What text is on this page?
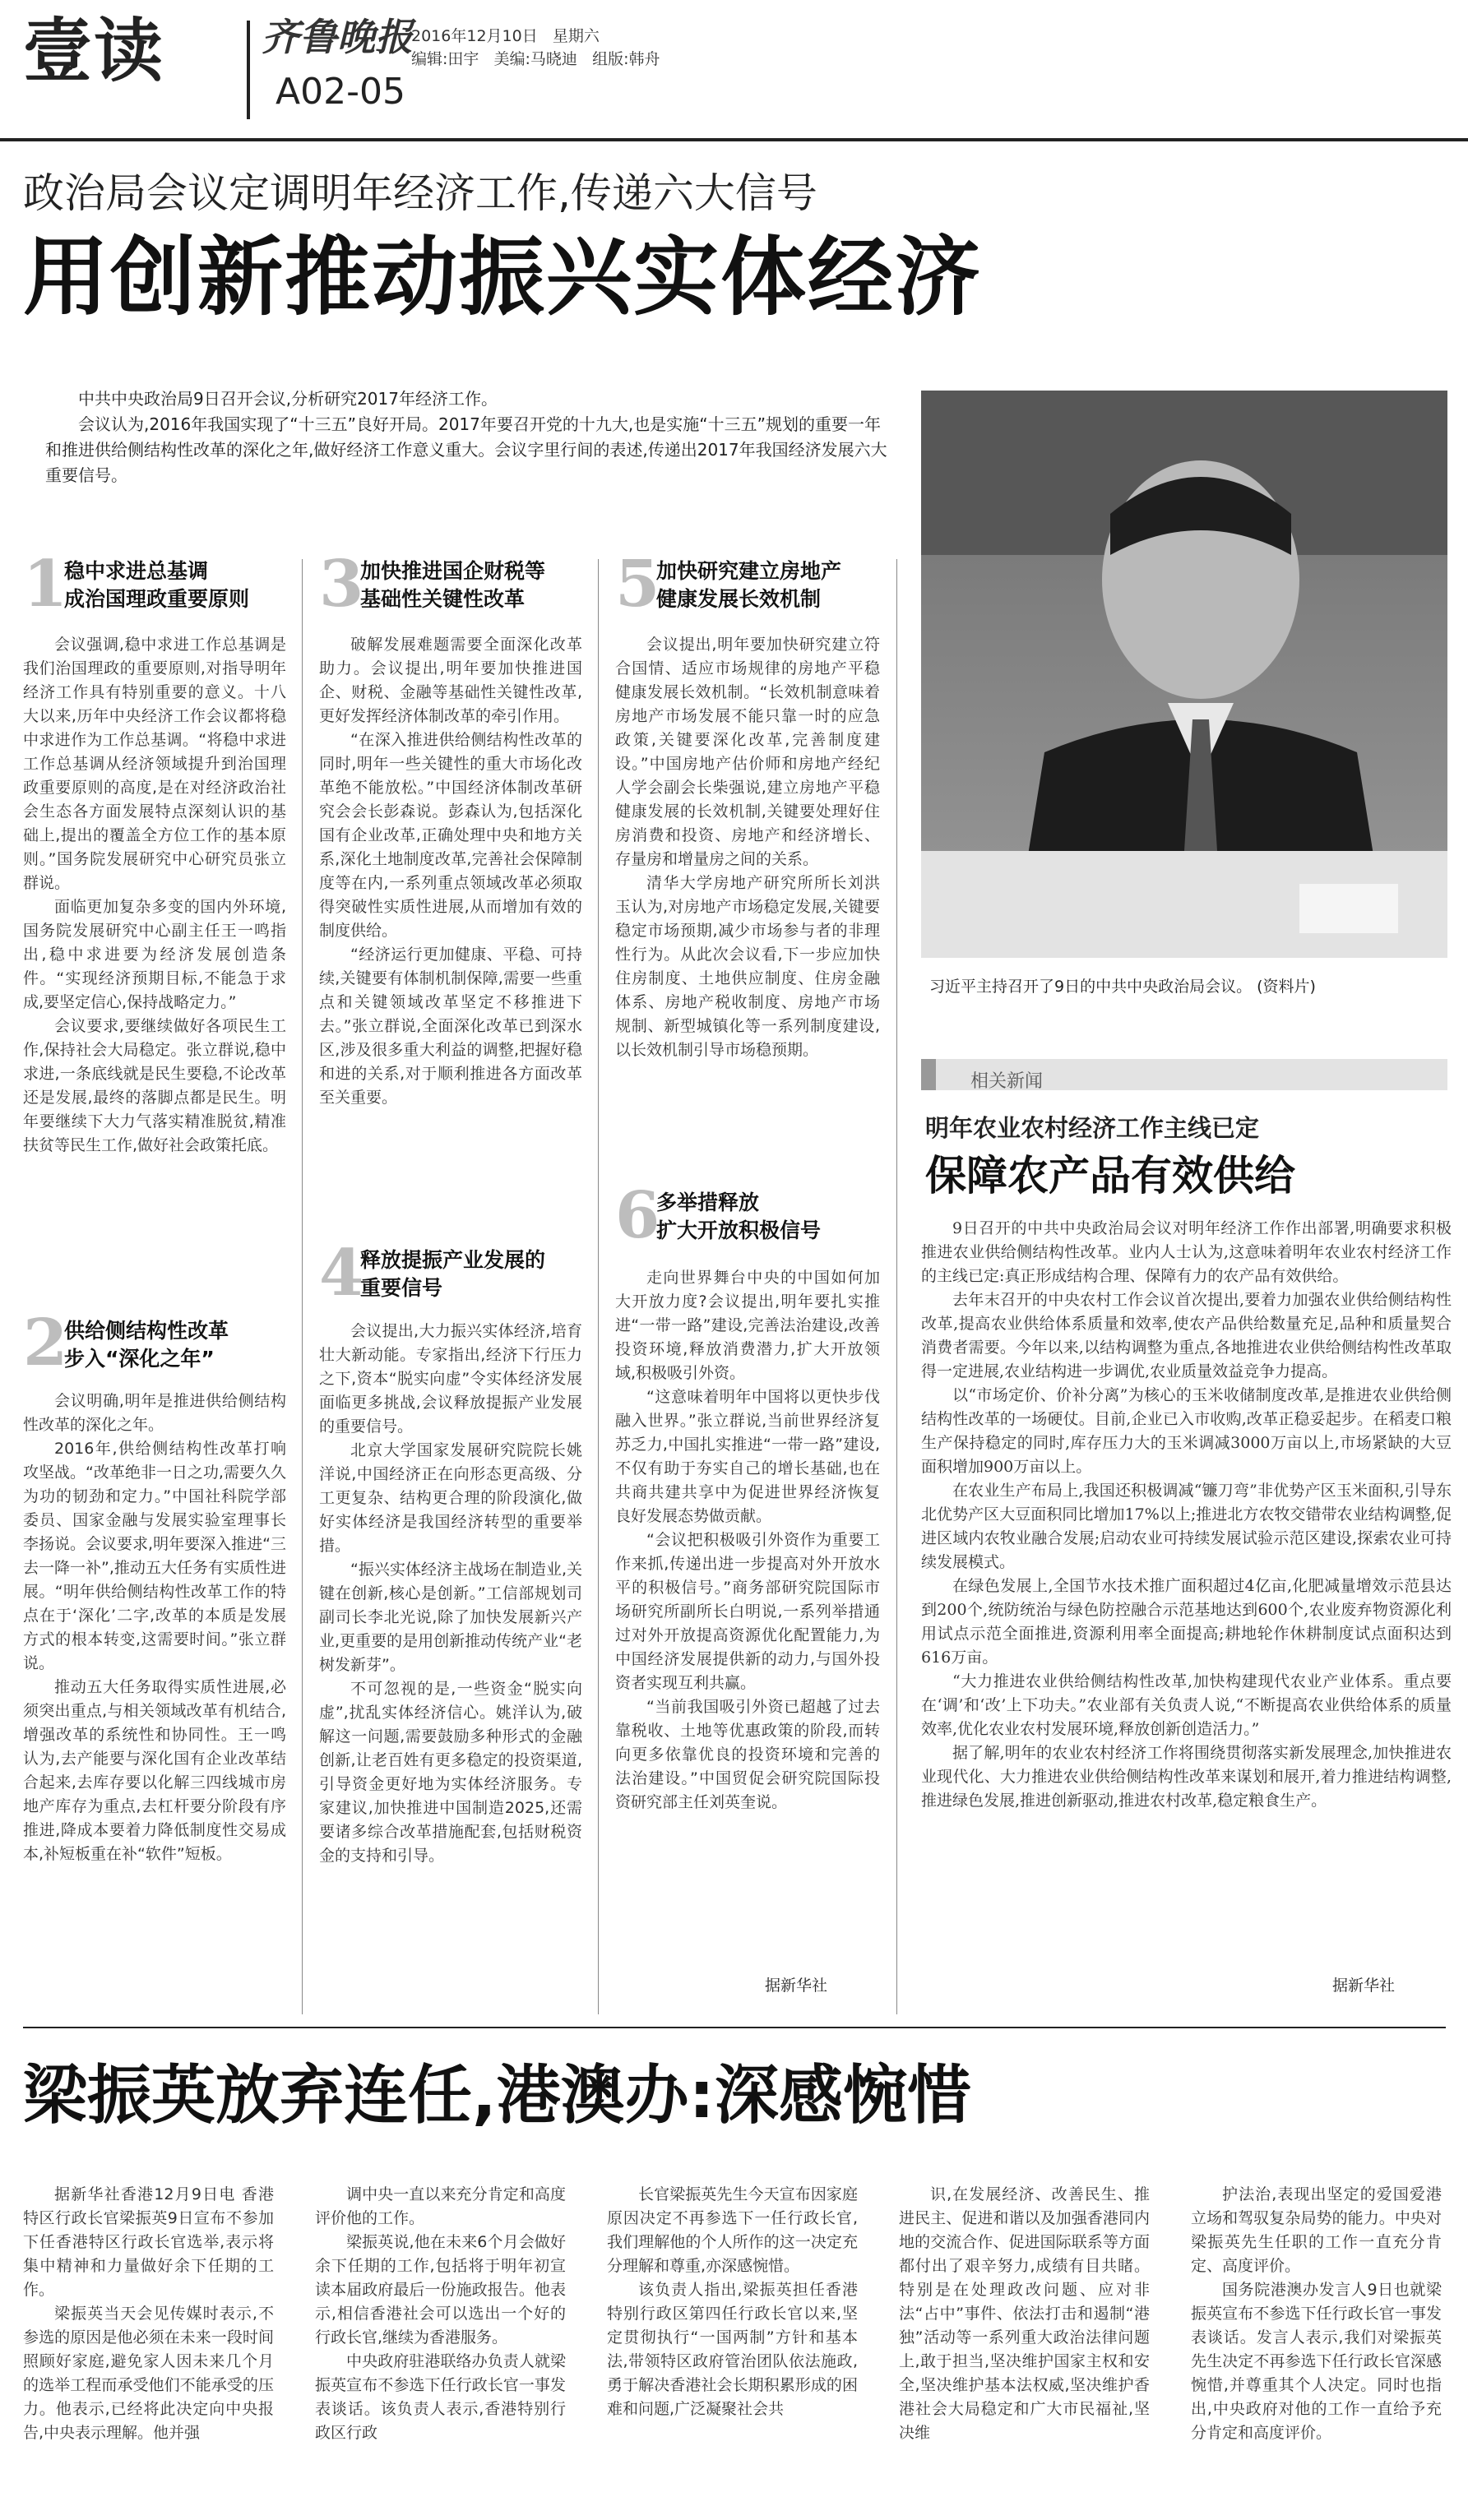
壹读	齐鲁晚报
A02-05
2016年12月10日 星期六
编辑:田宇 美编:马晓迪 组版:韩舟
政治局会议定调明年经济工作,传递六大信号
用创新推动振兴实体经济

中共中央政治局9日召开会议,分析研究2017年经济工作。

会议认为,2016年我国实现了“十三五”良好开局。2017年要召开党的十九大,也是实施“十三五”规划的重要一年和推进供给侧结构性改革的深化之年,做好经济工作意义重大。会议字里行间的表述,传递出2017年我国经济发展六大重要信号。

习近平主持召开了9日的中共中央政治局会议。 (资料片)
1
稳中求进总基调
成治国理政重要原则

会议强调,稳中求进工作总基调是我们治国理政的重要原则,对指导明年经济工作具有特别重要的意义。十八大以来,历年中央经济工作会议都将稳中求进作为工作总基调。“将稳中求进工作总基调从经济领域提升到治国理政重要原则的高度,是在对经济政治社会生态各方面发展特点深刻认识的基础上,提出的覆盖全方位工作的基本原则。”国务院发展研究中心研究员张立群说。

面临更加复杂多变的国内外环境,国务院发展研究中心副主任王一鸣指出,稳中求进要为经济发展创造条件。“实现经济预期目标,不能急于求成,要坚定信心,保持战略定力。”

会议要求,要继续做好各项民生工作,保持社会大局稳定。张立群说,稳中求进,一条底线就是民生要稳,不论改革还是发展,最终的落脚点都是民生。明年要继续下大力气落实精准脱贫,精准扶贫等民生工作,做好社会政策托底。

2
供给侧结构性改革
步入“深化之年”

会议明确,明年是推进供给侧结构性改革的深化之年。

2016年,供给侧结构性改革打响攻坚战。“改革绝非一日之功,需要久久为功的韧劲和定力。”中国社科院学部委员、国家金融与发展实验室理事长李扬说。会议要求,明年要深入推进“三去一降一补”,推动五大任务有实质性进展。“明年供给侧结构性改革工作的特点在于‘深化’二字,改革的本质是发展方式的根本转变,这需要时间。”张立群说。

推动五大任务取得实质性进展,必须突出重点,与相关领域改革有机结合,增强改革的系统性和协同性。王一鸣认为,去产能要与深化国有企业改革结合起来,去库存要以化解三四线城市房地产库存为重点,去杠杆要分阶段有序推进,降成本要着力降低制度性交易成本,补短板重在补“软件”短板。

3
加快推进国企财税等
基础性关键性改革

破解发展难题需要全面深化改革助力。会议提出,明年要加快推进国企、财税、金融等基础性关键性改革,更好发挥经济体制改革的牵引作用。

“在深入推进供给侧结构性改革的同时,明年一些关键性的重大市场化改革绝不能放松。”中国经济体制改革研究会会长彭森说。彭森认为,包括深化国有企业改革,正确处理中央和地方关系,深化土地制度改革,完善社会保障制度等在内,一系列重点领域改革必须取得突破性实质性进展,从而增加有效的制度供给。

“经济运行更加健康、平稳、可持续,关键要有体制机制保障,需要一些重点和关键领域改革坚定不移推进下去。”张立群说,全面深化改革已到深水区,涉及很多重大利益的调整,把握好稳和进的关系,对于顺利推进各方面改革至关重要。

4
释放提振产业发展的
重要信号

会议提出,大力振兴实体经济,培育壮大新动能。专家指出,经济下行压力之下,资本“脱实向虚”令实体经济发展面临更多挑战,会议释放提振产业发展的重要信号。

北京大学国家发展研究院院长姚洋说,中国经济正在向形态更高级、分工更复杂、结构更合理的阶段演化,做好实体经济是我国经济转型的重要举措。

“振兴实体经济主战场在制造业,关键在创新,核心是创新。”工信部规划司副司长李北光说,除了加快发展新兴产业,更重要的是用创新推动传统产业“老树发新芽”。

不可忽视的是,一些资金“脱实向虚”,扰乱实体经济信心。姚洋认为,破解这一问题,需要鼓励多种形式的金融创新,让老百姓有更多稳定的投资渠道,引导资金更好地为实体经济服务。专家建议,加快推进中国制造2025,还需要诸多综合改革措施配套,包括财税资金的支持和引导。

5
加快研究建立房地产
健康发展长效机制

会议提出,明年要加快研究建立符合国情、适应市场规律的房地产平稳健康发展长效机制。“长效机制意味着房地产市场发展不能只靠一时的应急政策,关键要深化改革,完善制度建设。”中国房地产估价师和房地产经纪人学会副会长柴强说,建立房地产平稳健康发展的长效机制,关键要处理好住房消费和投资、房地产和经济增长、存量房和增量房之间的关系。

清华大学房地产研究所所长刘洪玉认为,对房地产市场稳定发展,关键要稳定市场预期,减少市场参与者的非理性行为。从此次会议看,下一步应加快住房制度、土地供应制度、住房金融体系、房地产税收制度、房地产市场规制、新型城镇化等一系列制度建设,以长效机制引导市场稳预期。

6
多举措释放
扩大开放积极信号

走向世界舞台中央的中国如何加大开放力度?会议提出,明年要扎实推进“一带一路”建设,完善法治建设,改善投资环境,释放消费潜力,扩大开放领域,积极吸引外资。

“这意味着明年中国将以更快步伐融入世界。”张立群说,当前世界经济复苏乏力,中国扎实推进“一带一路”建设,不仅有助于夯实自己的增长基础,也在共商共建共享中为促进世界经济恢复良好发展态势做贡献。

“会议把积极吸引外资作为重要工作来抓,传递出进一步提高对外开放水平的积极信号。”商务部研究院国际市场研究所副所长白明说,一系列举措通过对外开放提高资源优化配置能力,为中国经济发展提供新的动力,与国外投资者实现互利共赢。

“当前我国吸引外资已超越了过去靠税收、土地等优惠政策的阶段,而转向更多依靠优良的投资环境和完善的法治建设。”中国贸促会研究院国际投资研究部主任刘英奎说。

据新华社
相关新闻
明年农业农村经济工作主线已定
保障农产品有效供给

9日召开的中共中央政治局会议对明年经济工作作出部署,明确要求积极推进农业供给侧结构性改革。业内人士认为,这意味着明年农业农村经济工作的主线已定:真正形成结构合理、保障有力的农产品有效供给。

去年末召开的中央农村工作会议首次提出,要着力加强农业供给侧结构性改革,提高农业供给体系质量和效率,使农产品供给数量充足,品种和质量契合消费者需要。今年以来,以结构调整为重点,各地推进农业供给侧结构性改革取得一定进展,农业结构进一步调优,农业质量效益竞争力提高。

以“市场定价、价补分离”为核心的玉米收储制度改革,是推进农业供给侧结构性改革的一场硬仗。目前,企业已入市收购,改革正稳妥起步。在稻麦口粮生产保持稳定的同时,库存压力大的玉米调减3000万亩以上,市场紧缺的大豆面积增加900万亩以上。

在农业生产布局上,我国还积极调减“镰刀弯”非优势产区玉米面积,引导东北优势产区大豆面积同比增加17%以上;推进北方农牧交错带农业结构调整,促进区域内农牧业融合发展;启动农业可持续发展试验示范区建设,探索农业可持续发展模式。

在绿色发展上,全国节水技术推广面积超过4亿亩,化肥减量增效示范县达到200个,统防统治与绿色防控融合示范基地达到600个,农业废弃物资源化利用试点示范全面推进,资源利用率全面提高;耕地轮作休耕制度试点面积达到616万亩。

“大力推进农业供给侧结构性改革,加快构建现代农业产业体系。重点要在‘调’和‘改’上下功夫。”农业部有关负责人说,“不断提高农业供给体系的质量效率,优化农业农村发展环境,释放创新创造活力。”

据了解,明年的农业农村经济工作将围绕贯彻落实新发展理念,加快推进农业现代化、大力推进农业供给侧结构性改革来谋划和展开,着力推进结构调整,推进绿色发展,推进创新驱动,推进农村改革,稳定粮食生产。

据新华社
梁振英放弃连任,港澳办:深感惋惜

据新华社香港12月9日电 香港特区行政长官梁振英9日宣布不参加下任香港特区行政长官选举,表示将集中精神和力量做好余下任期的工作。

梁振英当天会见传媒时表示,不参选的原因是他必须在未来一段时间照顾好家庭,避免家人因未来几个月的选举工程而承受他们不能承受的压力。他表示,已经将此决定向中央报告,中央表示理解。他并强

调中央一直以来充分肯定和高度评价他的工作。

梁振英说,他在未来6个月会做好余下任期的工作,包括将于明年初宣读本届政府最后一份施政报告。他表示,相信香港社会可以选出一个好的行政长官,继续为香港服务。

中央政府驻港联络办负责人就梁振英宣布不参选下任行政长官一事发表谈话。该负责人表示,香港特别行政区行政

长官梁振英先生今天宣布因家庭原因决定不再参选下一任行政长官,我们理解他的个人所作的这一决定充分理解和尊重,亦深感惋惜。

该负责人指出,梁振英担任香港特别行政区第四任行政长官以来,坚定贯彻执行“一国两制”方针和基本法,带领特区政府管治团队依法施政,勇于解决香港社会长期积累形成的困难和问题,广泛凝聚社会共

识,在发展经济、改善民生、推进民主、促进和谐以及加强香港同内地的交流合作、促进国际联系等方面都付出了艰辛努力,成绩有目共睹。特别是在处理政改问题、应对非法“占中”事件、依法打击和遏制“港独”活动等一系列重大政治法律问题上,敢于担当,坚决维护国家主权和安全,坚决维护基本法权威,坚决维护香港社会大局稳定和广大市民福祉,坚决维

护法治,表现出坚定的爱国爱港立场和驾驭复杂局势的能力。中央对梁振英先生任职的工作一直充分肯定、高度评价。

国务院港澳办发言人9日也就梁振英宣布不参选下任行政长官一事发表谈话。发言人表示,我们对梁振英先生决定不再参选下任行政长官深感惋惜,并尊重其个人决定。同时也指出,中央政府对他的工作一直给予充分肯定和高度评价。
